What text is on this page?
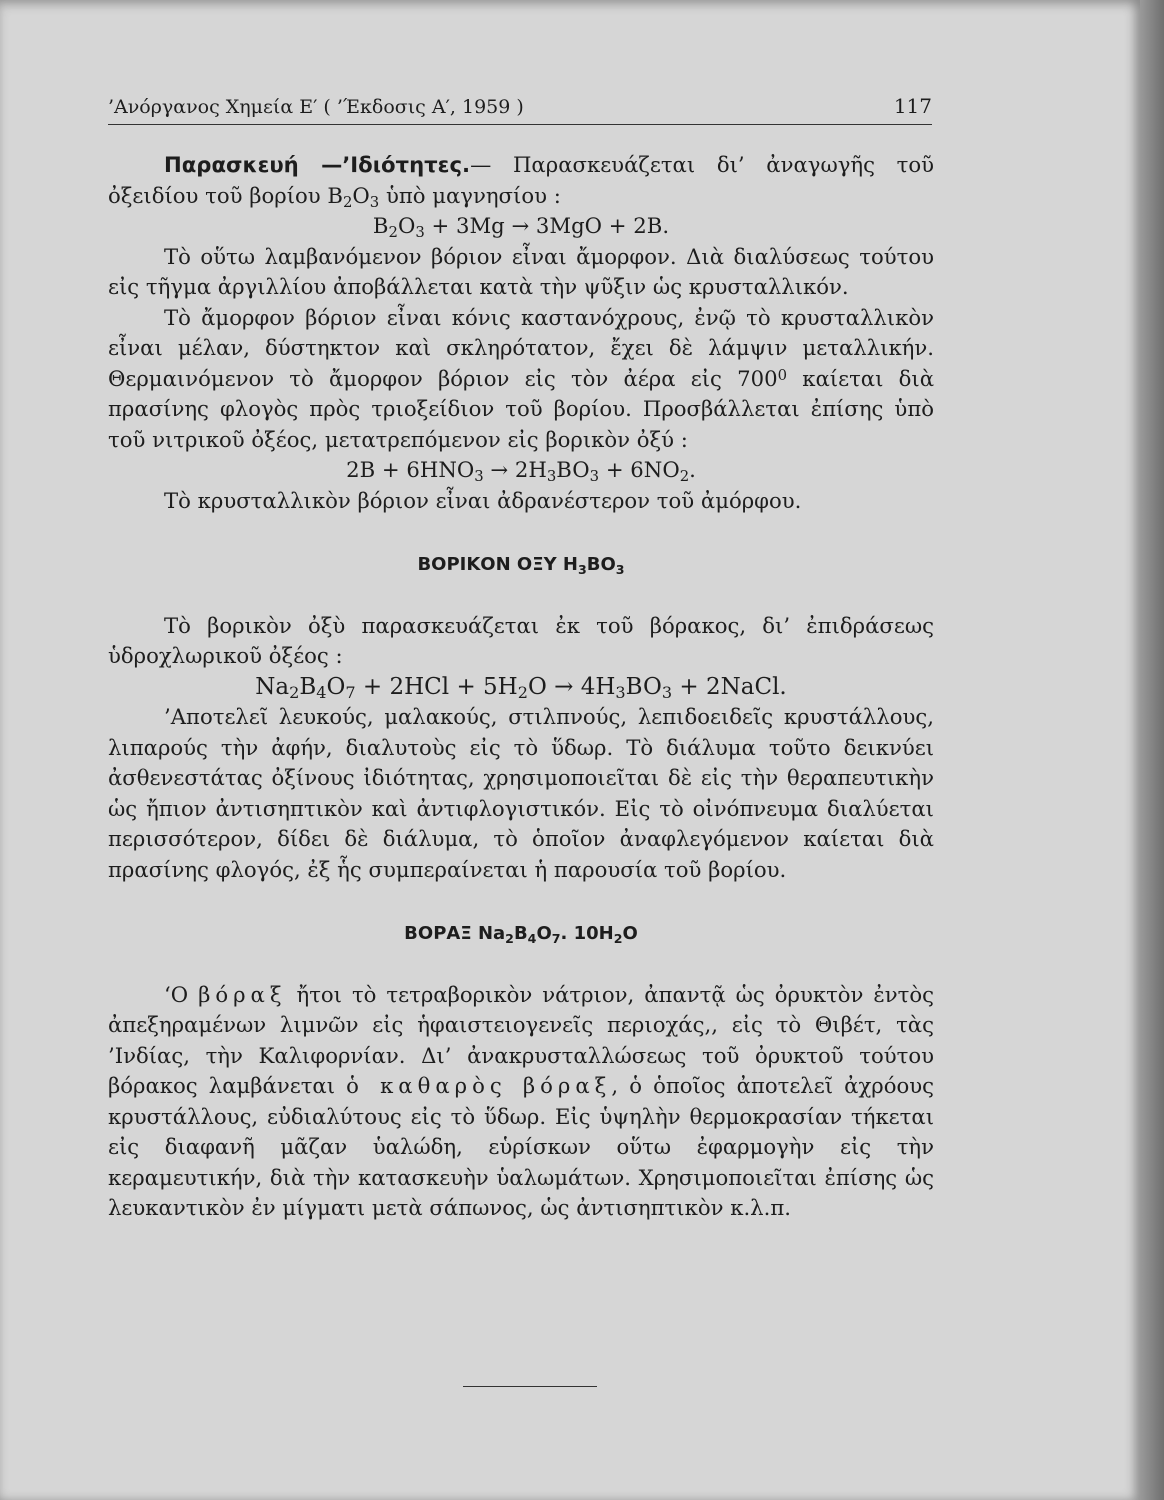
’Ανόργανος Χημεία Ε′ ( ’Έκδοσις Α′, 1959 )	117

Παρασκευή —’Ιδιότητες.— Παρασκευάζεται δι’ ἀναγωγῆς τοῦ ὀξειδίου τοῦ βορίου $B_2O_3$ ὑπὸ μαγνησίου :

$B_2O_3 + 3Mg \to 3MgO + 2B$.

Τὸ οὕτω λαμβανόμενον βόριον εἶναι ἄμορφον. Διὰ διαλύσεως τούτου εἰς τῆγμα ἀργιλλίου ἀποβάλλεται κατὰ τὴν ψῦξιν ὡς κρυσταλλικόν.

Τὸ ἄμορφον βόριον εἶναι κόνις καστανόχρους, ἐνῷ τὸ κρυσταλλικὸν εἶναι μέλαν, δύστηκτον καὶ σκληρότατον, ἔχει δὲ λάμψιν μεταλλικήν. Θερμαινόμενον τὸ ἄμορφον βόριον εἰς τὸν ἀέρα εἰς $700^0$ καίεται διὰ πρασίνης φλογὸς πρὸς τριοξείδιον τοῦ βορίου. Προσβάλλεται ἐπίσης ὑπὸ τοῦ νιτρικοῦ ὀξέος, μετατρεπόμενον εἰς βορικὸν ὀξύ :

$2B + 6HNO_3 \to 2H_3BO_3 + 6NO_2$.

Τὸ κρυσταλλικὸν βόριον εἶναι ἀδρανέστερον τοῦ ἀμόρφου.

ΒΟΡΙΚΟΝ ΟΞΥ $H_3BO_3$

Τὸ βορικὸν ὀξὺ παρασκευάζεται ἐκ τοῦ βόρακος, δι’ ἐπιδράσεως ὑδροχλωρικοῦ ὀξέος :

$Na_2B_4O_7 + 2HCl + 5H_2O \to 4H_3BO_3$ + 2NaCl.

’Αποτελεῖ λευκούς, μαλακούς, στιλπνούς, λεπιδοειδεῖς κρυστάλλους, λιπαρούς τὴν ἀφήν, διαλυτοὺς εἰς τὸ ὕδωρ. Τὸ διάλυμα τοῦτο δεικνύει ἀσθενεστάτας ὀξίνους ἰδιότητας, χρησιμοποιεῖται δὲ εἰς τὴν θεραπευτικὴν ὡς ἤπιον ἀντισηπτικὸν καὶ ἀντιφλογιστικόν. Εἰς τὸ οἰνόπνευμα διαλύεται περισσότερον, δίδει δὲ διάλυμα, τὸ ὁποῖον ἀναφλεγόμενον καίεται διὰ πρασίνης φλογός, ἐξ ἧς συμπεραίνεται ἡ παρουσία τοῦ βορίου.

ΒΟΡΑΞ $Na_2B_4O_7$. $10H_2O$

‘Ο βόραξ ἤτοι τὸ τετραβορικὸν νάτριον, ἀπαντᾷ ὡς ὀρυκτὸν ἐντὸς ἀπεξηραμένων λιμνῶν εἰς ἡφαιστειογενεῖς περιοχάς,, εἰς τὸ Θιβέτ, τὰς ’Ινδίας, τὴν Καλιφορνίαν. Δι’ ἀνακρυσταλλώσεως τοῦ ὀρυκτοῦ τούτου βόρακος λαμβάνεται ὁ καθαρὸς βόραξ, ὁ ὁποῖος ἀποτελεῖ ἀχρόους κρυστάλλους, εὐδιαλύτους εἰς τὸ ὕδωρ. Εἰς ὑψηλὴν θερμοκρασίαν τήκεται εἰς διαφανῆ μᾶζαν ὑαλώδη, εὑρίσκων οὕτω ἐφαρμογὴν εἰς τὴν κεραμευτικήν, διὰ τὴν κατασκευὴν ὑαλωμάτων. Χρησιμοποιεῖται ἐπίσης ὡς λευκαντικὸν ἐν μίγματι μετὰ σάπωνος, ὡς ἀντισηπτικὸν κ.λ.π.
